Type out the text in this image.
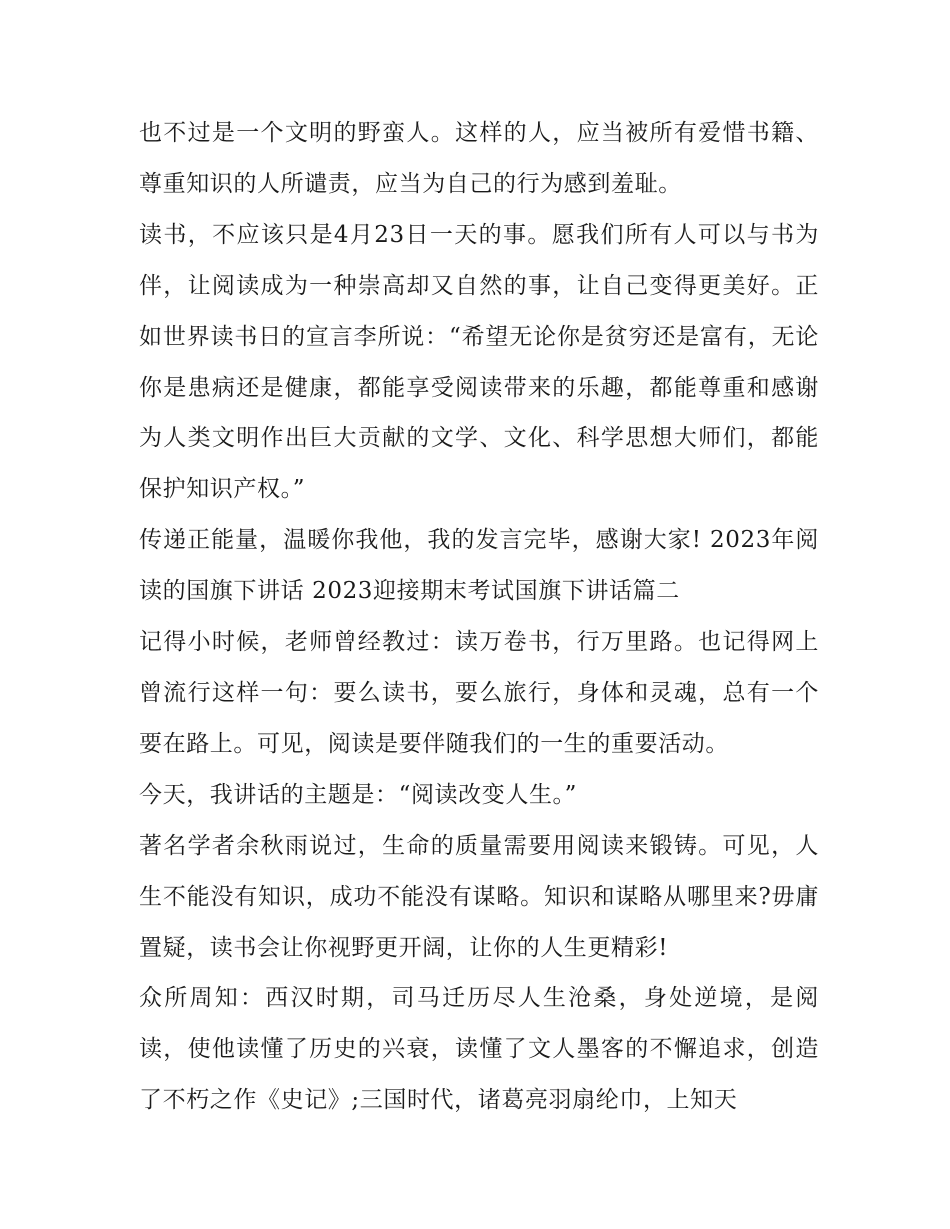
也不过是一个文明的野蛮人。这样的人，应当被所有爱惜书籍、尊重知识的人所谴责，应当为自己的行为感到羞耻。

读书，不应该只是4月23日一天的事。愿我们所有人可以与书为伴，让阅读成为一种崇高却又自然的事，让自己变得更美好。正如世界读书日的宣言李所说：“希望无论你是贫穷还是富有，无论你是患病还是健康，都能享受阅读带来的乐趣，都能尊重和感谢为人类文明作出巨大贡献的文学、文化、科学思想大师们，都能保护知识产权。”

传递正能量，温暖你我他，我的发言完毕，感谢大家! 2023年阅读的国旗下讲话 2023迎接期末考试国旗下讲话篇二

记得小时候，老师曾经教过：读万卷书，行万里路。也记得网上曾流行这样一句：要么读书，要么旅行，身体和灵魂，总有一个要在路上。可见，阅读是要伴随我们的一生的重要活动。

今天，我讲话的主题是：“阅读改变人生。”

著名学者余秋雨说过，生命的质量需要用阅读来锻铸。可见，人生不能没有知识，成功不能没有谋略。知识和谋略从哪里来?毋庸置疑，读书会让你视野更开阔，让你的人生更精彩!

众所周知：西汉时期，司马迁历尽人生沧桑，身处逆境，是阅读，使他读懂了历史的兴衰，读懂了文人墨客的不懈追求，创造了不朽之作《史记》;三国时代，诸葛亮羽扇纶巾，上知天
